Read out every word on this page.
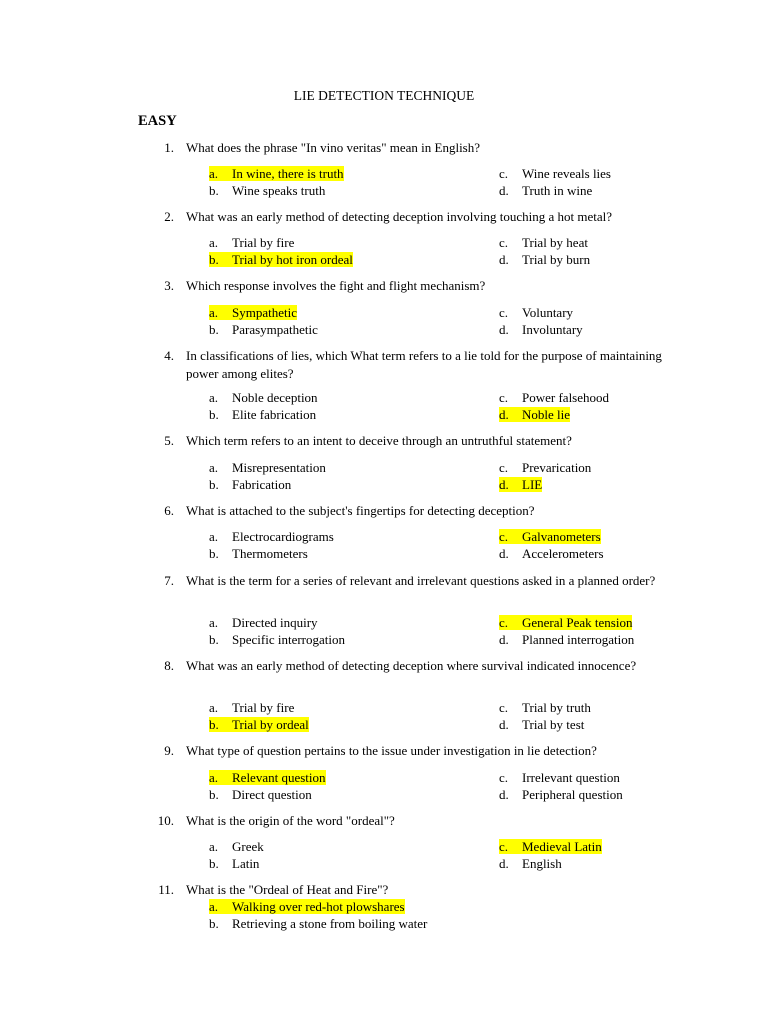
LIE DETECTION TECHNIQUE
EASY
1. What does the phrase "In vino veritas" mean in English?
a. In wine, there is truth
b. Wine speaks truth
c. Wine reveals lies
d. Truth in wine
2. What was an early method of detecting deception involving touching a hot metal?
a. Trial by fire
b. Trial by hot iron ordeal
c. Trial by heat
d. Trial by burn
3. Which response involves the fight and flight mechanism?
a. Sympathetic
b. Parasympathetic
c. Voluntary
d. Involuntary
4. In classifications of lies, which What term refers to a lie told for the purpose of maintaining power among elites?
a. Noble deception
b. Elite fabrication
c. Power falsehood
d. Noble lie
5. Which term refers to an intent to deceive through an untruthful statement?
a. Misrepresentation
b. Fabrication
c. Prevarication
d. LIE
6. What is attached to the subject's fingertips for detecting deception?
a. Electrocardiograms
b. Thermometers
c. Galvanometers
d. Accelerometers
7. What is the term for a series of relevant and irrelevant questions asked in a planned order?
a. Directed inquiry
b. Specific interrogation
c. General Peak tension
d. Planned interrogation
8. What was an early method of detecting deception where survival indicated innocence?
a. Trial by fire
b. Trial by ordeal
c. Trial by truth
d. Trial by test
9. What type of question pertains to the issue under investigation in lie detection?
a. Relevant question
b. Direct question
c. Irrelevant question
d. Peripheral question
10. What is the origin of the word "ordeal"?
a. Greek
b. Latin
c. Medieval Latin
d. English
11. What is the "Ordeal of Heat and Fire"?
a. Walking over red-hot plowshares
b. Retrieving a stone from boiling water
